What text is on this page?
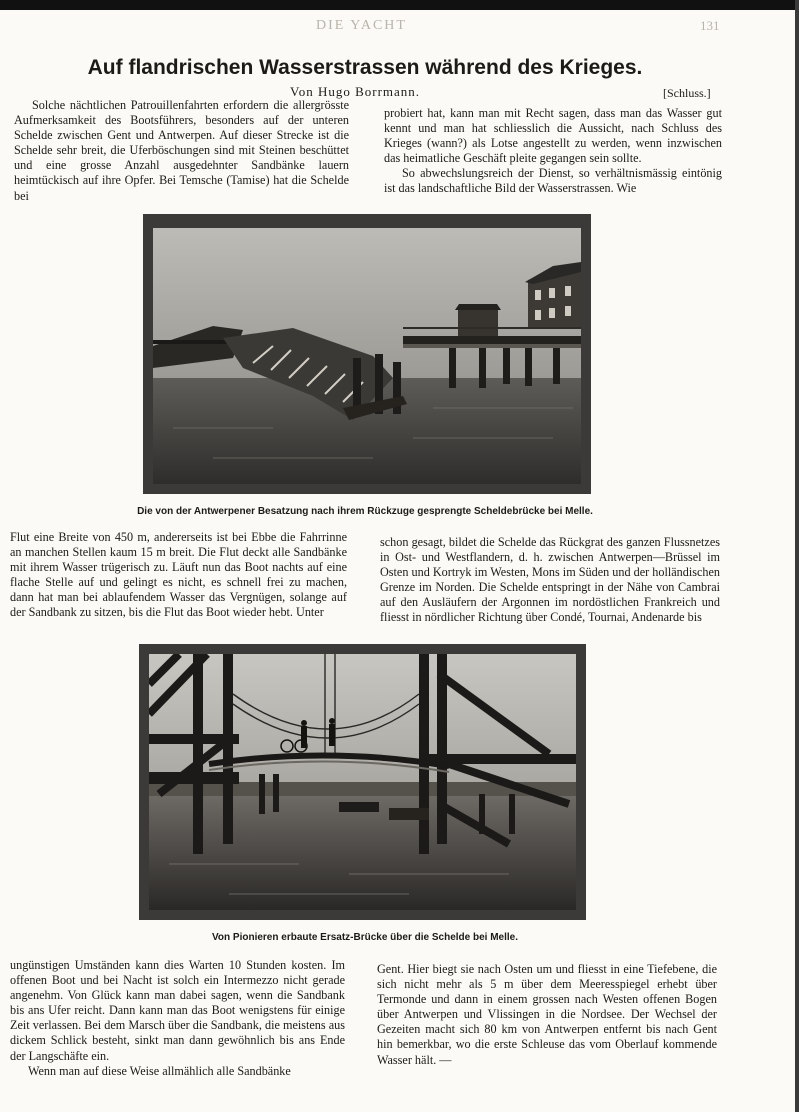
DIE YACHT	131
Auf flandrischen Wasserstrassen während des Krieges.
Von Hugo Borrmann.	[Schluss.]

Solche nächtlichen Patrouillenfahrten erfordern die allergrösste Aufmerksamkeit des Bootsführers, besonders auf der unteren Schelde zwischen Gent und Antwerpen. Auf dieser Strecke ist die Schelde sehr breit, die Uferböschungen sind mit Steinen beschüttet und eine grosse Anzahl ausgedehnter Sandbänke lauern heimtückisch auf ihre Opfer. Bei Temsche (Tamise) hat die Schelde bei

probiert hat, kann man mit Recht sagen, dass man das Wasser gut kennt und man hat schliesslich die Aussicht, nach Schluss des Krieges (wann?) als Lotse angestellt zu werden, wenn inzwischen das heimatliche Geschäft pleite gegangen sein sollte.

So abwechslungsreich der Dienst, so verhältnismässig eintönig ist das landschaftliche Bild der Wasserstrassen. Wie

Die von der Antwerpener Besatzung nach ihrem Rückzuge gesprengte Scheldebrücke bei Melle.

Flut eine Breite von 450 m, andererseits ist bei Ebbe die Fahrrinne an manchen Stellen kaum 15 m breit. Die Flut deckt alle Sandbänke mit ihrem Wasser trügerisch zu. Läuft nun das Boot nachts auf eine flache Stelle auf und gelingt es nicht, es schnell frei zu machen, dann hat man bei ablaufendem Wasser das Vergnügen, solange auf der Sandbank zu sitzen, bis die Flut das Boot wieder hebt. Unter

schon gesagt, bildet die Schelde das Rückgrat des ganzen Flussnetzes in Ost- und Westflandern, d. h. zwischen Antwerpen—Brüssel im Osten und Kortryk im Westen, Mons im Süden und der holländischen Grenze im Norden. Die Schelde entspringt in der Nähe von Cambrai auf den Ausläufern der Argonnen im nordöstlichen Frankreich und fliesst in nördlicher Richtung über Condé, Tournai, Andenarde bis

Von Pionieren erbaute Ersatz-Brücke über die Schelde bei Melle.

ungünstigen Umständen kann dies Warten 10 Stunden kosten. Im offenen Boot und bei Nacht ist solch ein Intermezzo nicht gerade angenehm. Von Glück kann man dabei sagen, wenn die Sandbank bis ans Ufer reicht. Dann kann man das Boot wenigstens für einige Zeit verlassen. Bei dem Marsch über die Sandbank, die meistens aus dickem Schlick besteht, sinkt man dann gewöhnlich bis ans Ende der Langschäfte ein.

Wenn man auf diese Weise allmählich alle Sandbänke

Gent. Hier biegt sie nach Osten um und fliesst in eine Tiefebene, die sich nicht mehr als 5 m über dem Meeresspiegel erhebt über Termonde und dann in einem grossen nach Westen offenen Bogen über Antwerpen und Vlissingen in die Nordsee. Der Wechsel der Gezeiten macht sich 80 km von Antwerpen entfernt bis nach Gent hin bemerkbar, wo die erste Schleuse das vom Oberlauf kommende Wasser hält. —
